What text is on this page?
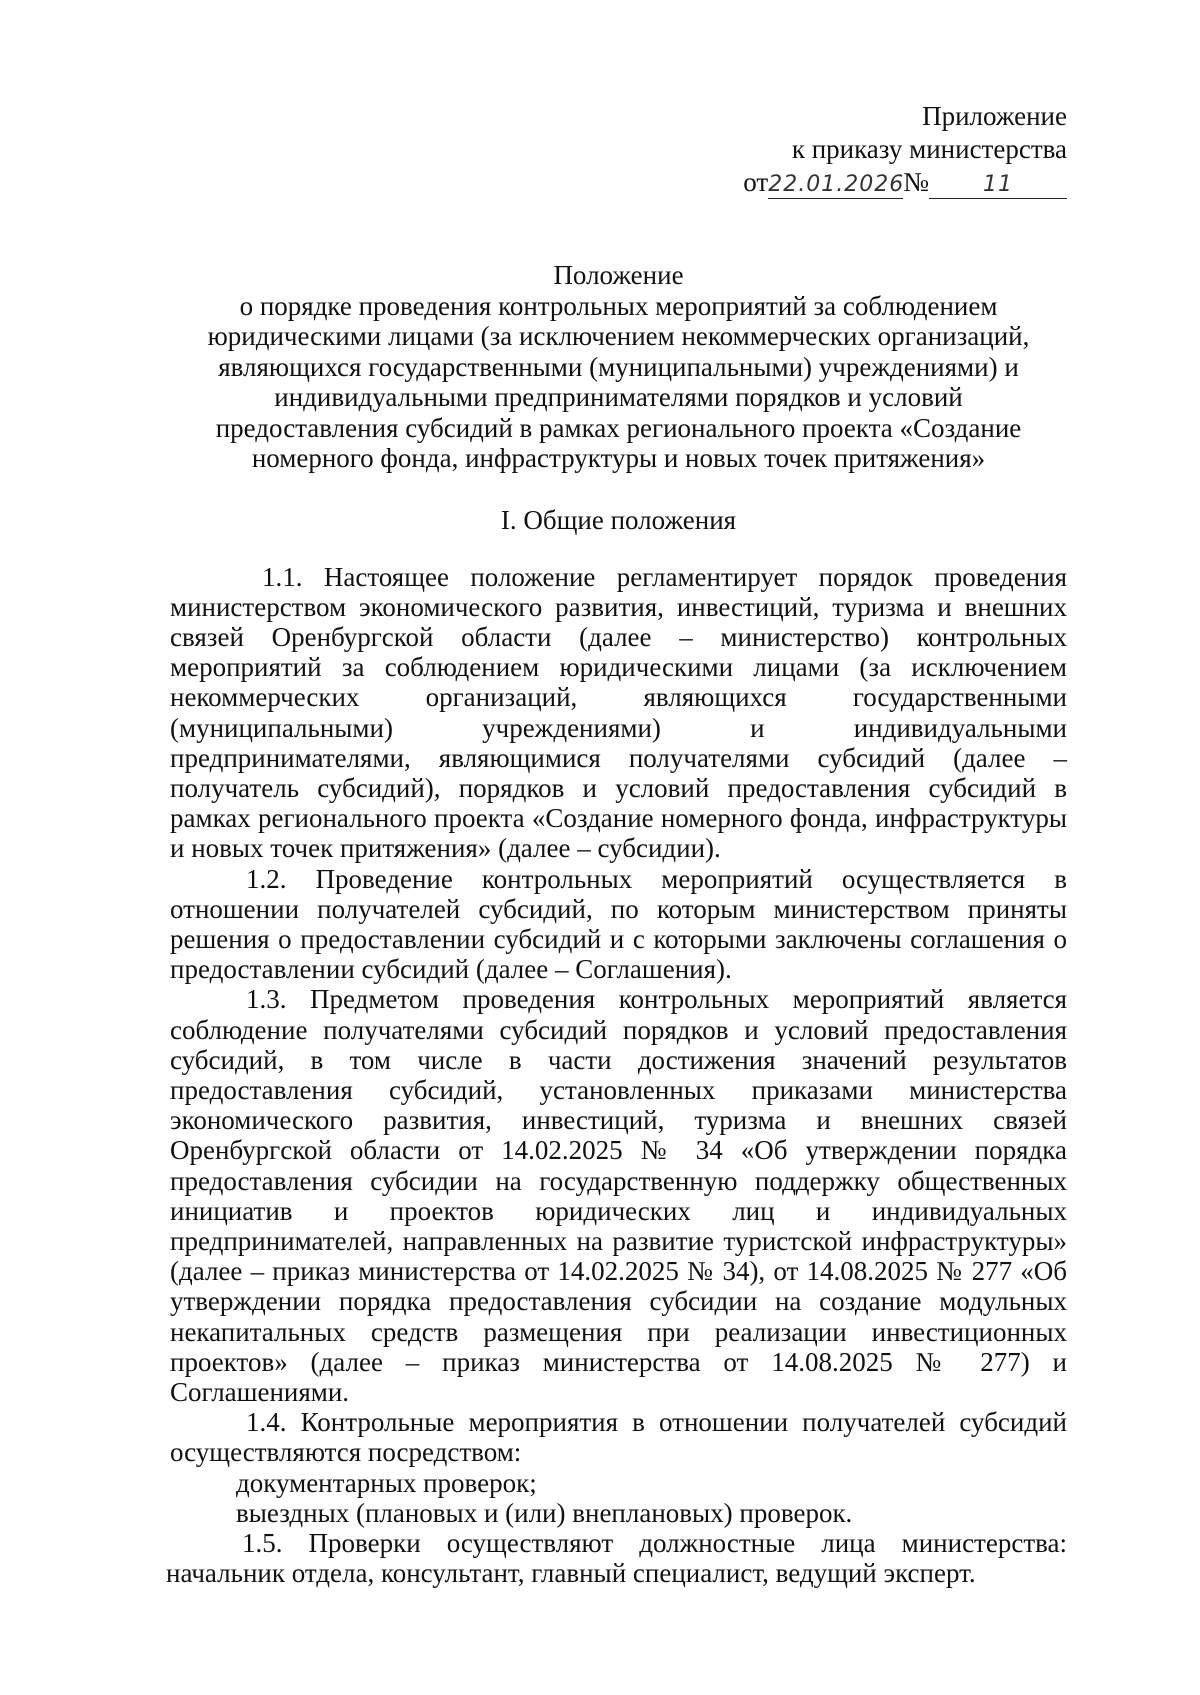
Приложение
к приказу министерства
от22.01.2026№ 11
Положение
о порядке проведения контрольных мероприятий за соблюдением
юридическими лицами (за исключением некоммерческих организаций,
являющихся государственными (муниципальными) учреждениями) и
индивидуальными предпринимателями порядков и условий
предоставления субсидий в рамках регионального проекта «Создание
номерного фонда, инфраструктуры и новых точек притяжения»
I. Общие положения

1.1. Настоящее положение регламентирует порядок проведения министерством экономического развития, инвестиций, туризма и внешних связей Оренбургской области (далее – министерство) контрольных мероприятий за соблюдением юридическими лицами (за исключением некоммерческих организаций, являющихся государственными (муниципальными) учреждениями) и индивидуальными предпринимателями, являющимися получателями субсидий (далее – получатель субсидий), порядков и условий предоставления субсидий в рамках регионального проекта «Создание номерного фонда, инфраструктуры и новых точек притяжения» (далее – субсидии).

1.2. Проведение контрольных мероприятий осуществляется в отношении получателей субсидий, по которым министерством приняты решения о предоставлении субсидий и с которыми заключены соглашения о предоставлении субсидий (далее – Соглашения).

1.3. Предметом проведения контрольных мероприятий является соблюдение получателями субсидий порядков и условий предоставления субсидий, в том числе в части достижения значений результатов предоставления субсидий, установленных приказами министерства экономического развития, инвестиций, туризма и внешних связей Оренбургской области от 14.02.2025 № 34 «Об утверждении порядка предоставления субсидии на государственную поддержку общественных инициатив и проектов юридических лиц и индивидуальных предпринимателей, направленных на развитие туристской инфраструктуры» (далее – приказ министерства от 14.02.2025 № 34), от 14.08.2025 № 277 «Об утверждении порядка предоставления субсидии на создание модульных некапитальных средств размещения при реализации инвестиционных проектов» (далее – приказ министерства от 14.08.2025 № 277) и Соглашениями.

1.4. Контрольные мероприятия в отношении получателей субсидий осуществляются посредством:

документарных проверок;

выездных (плановых и (или) внеплановых) проверок.

1.5. Проверки осуществляют должностные лица министерства: начальник отдела, консультант, главный специалист, ведущий эксперт.
